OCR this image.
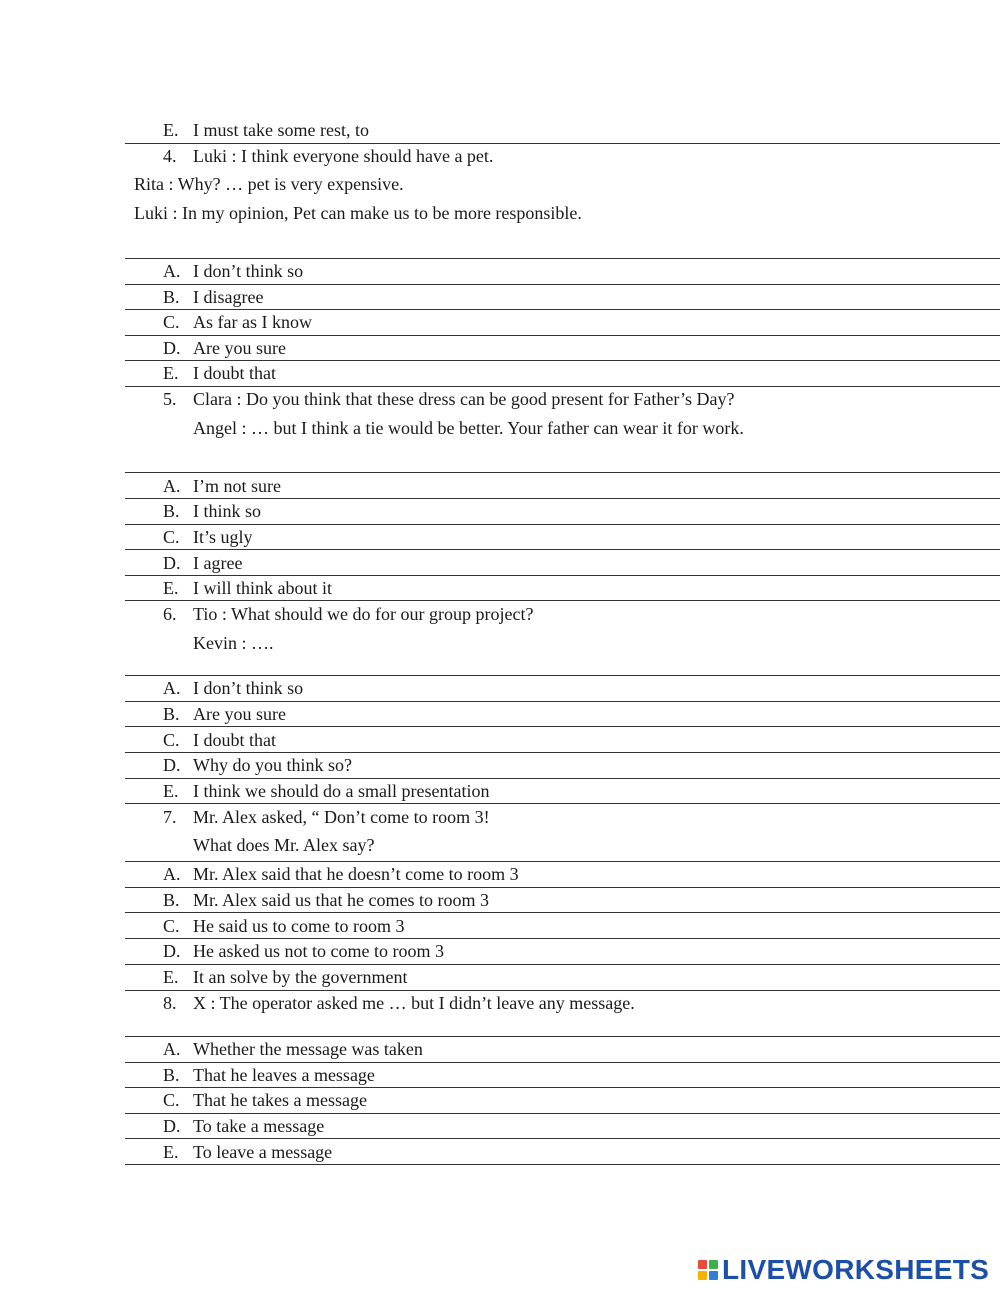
E. I must take some rest, to
4. Luki : I think everyone should have a pet.
Rita : Why? … pet is very expensive.
Luki : In my opinion, Pet can make us to be more responsible.
A. I don’t think so
B. I disagree
C. As far as I know
D. Are you sure
E. I doubt that
5. Clara : Do you think that these dress can be good present for Father’s Day?
Angel : … but I think a tie would be better. Your father can wear it for work.
A. I’m not sure
B. I think so
C. It’s ugly
D. I agree
E. I will think about it
6. Tio : What should we do for our group project?
Kevin : ….
A. I don’t think so
B. Are you sure
C. I doubt that
D. Why do you think so?
E. I think we should do a small presentation
7. Mr. Alex asked, “ Don’t come to room 3!
What does Mr. Alex say?
A. Mr. Alex said that he doesn’t come to room 3
B. Mr. Alex said us that he comes to room 3
C. He said us to come to room 3
D. He asked us not to come to room 3
E. It an solve by the government
8. X : The operator asked me … but I didn’t leave any message.
A. Whether the message was taken
B. That he leaves a message
C. That he takes a message
D. To take a message
E. To leave a message
LIVEWORKSHEETS
